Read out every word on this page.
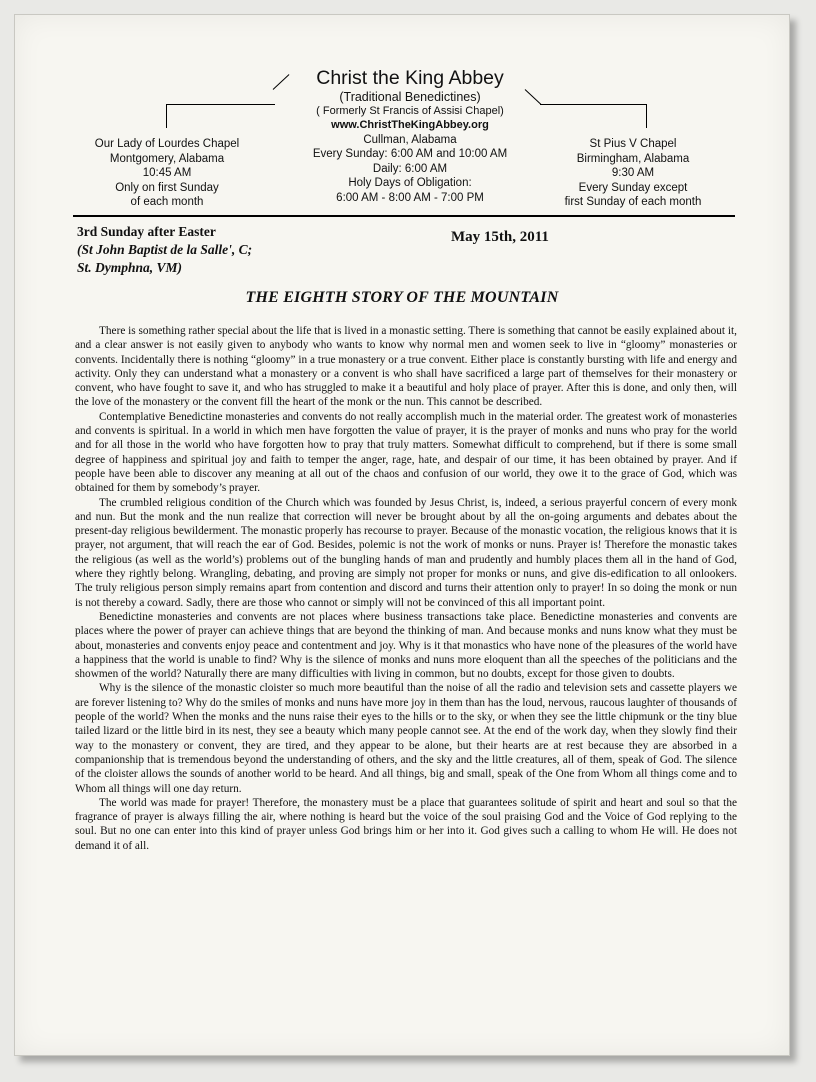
Christ the King Abbey
(Traditional Benedictines)
( Formerly St Francis of Assisi Chapel)
www.ChristTheKingAbbey.org
Cullman, Alabama
Every Sunday: 6:00 AM and 10:00 AM
Daily: 6:00 AM
Holy Days of Obligation:
6:00 AM - 8:00 AM - 7:00 PM
Our Lady of Lourdes Chapel
Montgomery, Alabama
10:45 AM
Only on first Sunday
of each month
St Pius V Chapel
Birmingham, Alabama
9:30 AM
Every Sunday except
first Sunday of each month
3rd Sunday after Easter
(St John Baptist de la Salle', C;
St. Dymphna, VM)
May 15th, 2011
THE EIGHTH STORY OF THE MOUNTAIN

There is something rather special about the life that is lived in a monastic setting. There is something that cannot be easily explained about it, and a clear answer is not easily given to anybody who wants to know why normal men and women seek to live in “gloomy” monasteries or convents. Incidentally there is nothing “gloomy” in a true monastery or a true convent. Either place is constantly bursting with life and energy and activity. Only they can understand what a monastery or a convent is who shall have sacrificed a large part of themselves for their monastery or convent, who have fought to save it, and who has struggled to make it a beautiful and holy place of prayer. After this is done, and only then, will the love of the monastery or the convent fill the heart of the monk or the nun. This cannot be described.

Contemplative Benedictine monasteries and convents do not really accomplish much in the material order. The greatest work of monasteries and convents is spiritual. In a world in which men have forgotten the value of prayer, it is the prayer of monks and nuns who pray for the world and for all those in the world who have forgotten how to pray that truly matters. Somewhat difficult to comprehend, but if there is some small degree of happiness and spiritual joy and faith to temper the anger, rage, hate, and despair of our time, it has been obtained by prayer. And if people have been able to discover any meaning at all out of the chaos and confusion of our world, they owe it to the grace of God, which was obtained for them by somebody’s prayer.

The crumbled religious condition of the Church which was founded by Jesus Christ, is, indeed, a serious prayerful concern of every monk and nun. But the monk and the nun realize that correction will never be brought about by all the on-going arguments and debates about the present-day religious bewilderment. The monastic properly has recourse to prayer. Because of the monastic vocation, the religious knows that it is prayer, not argument, that will reach the ear of God. Besides, polemic is not the work of monks or nuns. Prayer is! Therefore the monastic takes the religious (as well as the world’s) problems out of the bungling hands of man and prudently and humbly places them all in the hand of God, where they rightly belong. Wrangling, debating, and proving are simply not proper for monks or nuns, and give dis-edification to all onlookers. The truly religious person simply remains apart from contention and discord and turns their attention only to prayer! In so doing the monk or nun is not thereby a coward. Sadly, there are those who cannot or simply will not be convinced of this all important point.

Benedictine monasteries and convents are not places where business transactions take place. Benedictine monasteries and convents are places where the power of prayer can achieve things that are beyond the thinking of man. And because monks and nuns know what they must be about, monasteries and convents enjoy peace and contentment and joy. Why is it that monastics who have none of the pleasures of the world have a happiness that the world is unable to find? Why is the silence of monks and nuns more eloquent than all the speeches of the politicians and the showmen of the world? Naturally there are many difficulties with living in common, but no doubts, except for those given to doubts.

Why is the silence of the monastic cloister so much more beautiful than the noise of all the radio and television sets and cassette players we are forever listening to? Why do the smiles of monks and nuns have more joy in them than has the loud, nervous, raucous laughter of thousands of people of the world? When the monks and the nuns raise their eyes to the hills or to the sky, or when they see the little chipmunk or the tiny blue tailed lizard or the little bird in its nest, they see a beauty which many people cannot see. At the end of the work day, when they slowly find their way to the monastery or convent, they are tired, and they appear to be alone, but their hearts are at rest because they are absorbed in a companionship that is tremendous beyond the understanding of others, and the sky and the little creatures, all of them, speak of God. The silence of the cloister allows the sounds of another world to be heard. And all things, big and small, speak of the One from Whom all things come and to Whom all things will one day return.

The world was made for prayer! Therefore, the monastery must be a place that guarantees solitude of spirit and heart and soul so that the fragrance of prayer is always filling the air, where nothing is heard but the voice of the soul praising God and the Voice of God replying to the soul. But no one can enter into this kind of prayer unless God brings him or her into it. God gives such a calling to whom He will. He does not demand it of all.
